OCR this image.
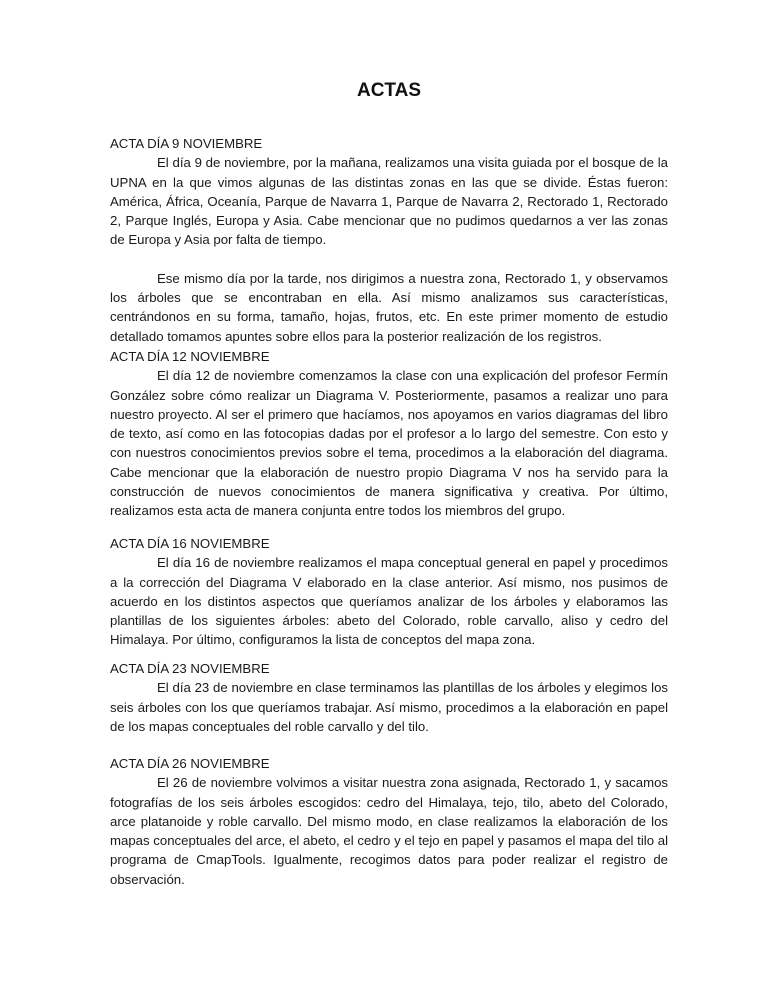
ACTAS

ACTA DÍA 9 NOVIEMBRE

El día 9 de noviembre, por la mañana, realizamos una visita guiada por el bosque de la UPNA en la que vimos algunas de las distintas zonas en las que se divide. Éstas fueron: América, África, Oceanía, Parque de Navarra 1, Parque de Navarra 2, Rectorado 1, Rectorado 2, Parque Inglés, Europa y Asia. Cabe mencionar que no pudimos quedarnos a ver las zonas de Europa y Asia por falta de tiempo.

Ese mismo día por la tarde, nos dirigimos a nuestra zona, Rectorado 1, y observamos los árboles que se encontraban en ella. Así mismo analizamos sus características, centrándonos en su forma, tamaño, hojas, frutos, etc. En este primer momento de estudio detallado tomamos apuntes sobre ellos para la posterior realización de los registros.

ACTA DÍA 12 NOVIEMBRE

El día 12 de noviembre comenzamos la clase con una explicación del profesor Fermín González sobre cómo realizar un Diagrama V. Posteriormente, pasamos a realizar uno para nuestro proyecto. Al ser el primero que hacíamos, nos apoyamos en varios diagramas del libro de texto, así como en las fotocopias dadas por el profesor a lo largo del semestre. Con esto y con nuestros conocimientos previos sobre el tema, procedimos a la elaboración del diagrama. Cabe mencionar que la elaboración de nuestro propio Diagrama V nos ha servido para la construcción de nuevos conocimientos de manera significativa y creativa. Por último, realizamos esta acta de manera conjunta entre todos los miembros del grupo.

ACTA DÍA 16 NOVIEMBRE

El día 16 de noviembre realizamos el mapa conceptual general en papel y procedimos a la corrección del Diagrama V elaborado en la clase anterior. Así mismo, nos pusimos de acuerdo en los distintos aspectos que queríamos analizar de los árboles y elaboramos las plantillas de los siguientes árboles: abeto del Colorado, roble carvallo, aliso y cedro del Himalaya. Por último, configuramos la lista de conceptos del mapa zona.

ACTA DÍA 23 NOVIEMBRE

El día 23 de noviembre en clase terminamos las plantillas de los árboles y elegimos los seis árboles con los que queríamos trabajar. Así mismo, procedimos a la elaboración en papel de los mapas conceptuales del roble carvallo y del tilo.

ACTA DÍA 26 NOVIEMBRE

El 26 de noviembre volvimos a visitar nuestra zona asignada, Rectorado 1, y sacamos fotografías de los seis árboles escogidos: cedro del Himalaya, tejo, tilo, abeto del Colorado, arce platanoide y roble carvallo. Del mismo modo, en clase realizamos la elaboración de los mapas conceptuales del arce, el abeto, el cedro y el tejo en papel y pasamos el mapa del tilo al programa de CmapTools. Igualmente, recogimos datos para poder realizar el registro de observación.
